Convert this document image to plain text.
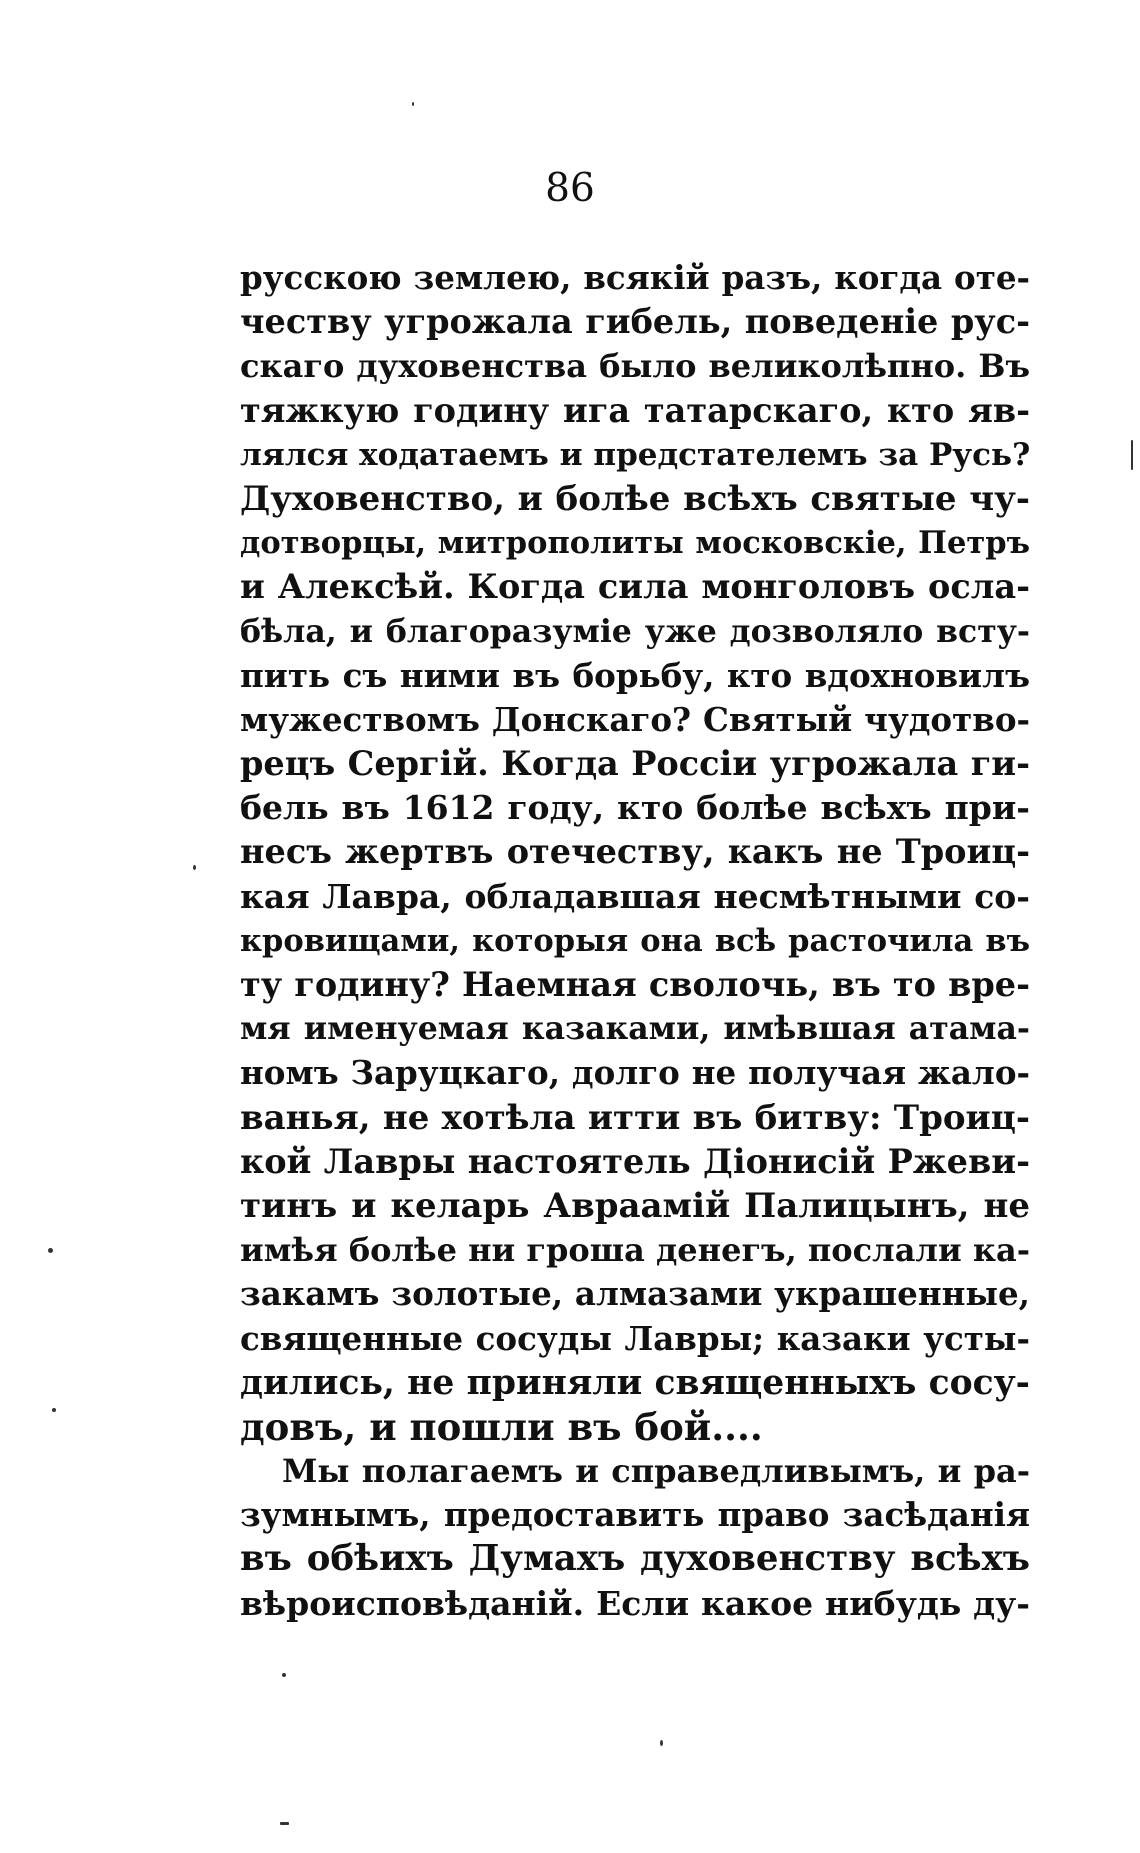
86
русскою землею, всякій разъ, когда оте-
честву угрожала гибель, поведеніе рус-
скаго духовенства было великолѣпно. Въ
тяжкую годину ига татарскаго, кто яв-
лялся ходатаемъ и предстателемъ за Русь?
Духовенство, и болѣе всѣхъ святые чу-
дотворцы, митрополиты московскіе, Петръ
и Алексѣй. Когда сила монголовъ осла-
бѣла, и благоразуміе уже дозволяло всту-
пить съ ними въ борьбу, кто вдохновилъ
мужествомъ Донскаго? Святый чудотво-
рецъ Сергій. Когда Россіи угрожала ги-
бель въ 1612 году, кто болѣе всѣхъ при-
несъ жертвъ отечеству, какъ не Троиц-
кая Лавра, обладавшая несмѣтными со-
кровищами, которыя она всѣ расточила въ
ту годину? Наемная сволочь, въ то вре-
мя именуемая казаками, имѣвшая атама-
номъ Заруцкаго, долго не получая жало-
ванья, не хотѣла итти въ битву: Троиц-
кой Лавры настоятель Діонисій Ржеви-
тинъ и келарь Авраамій Палицынъ, не
имѣя болѣе ни гроша денегъ, послали ка-
закамъ золотые, алмазами украшенные,
священные сосуды Лавры; казаки усты-
дились, не приняли священныхъ сосу-
довъ, и пошли въ бой....
Мы полагаемъ и справедливымъ, и ра-
зумнымъ, предоставить право засѣданія
въ обѣихъ Думахъ духовенству всѣхъ
вѣроисповѣданій. Если какое нибудь ду-
